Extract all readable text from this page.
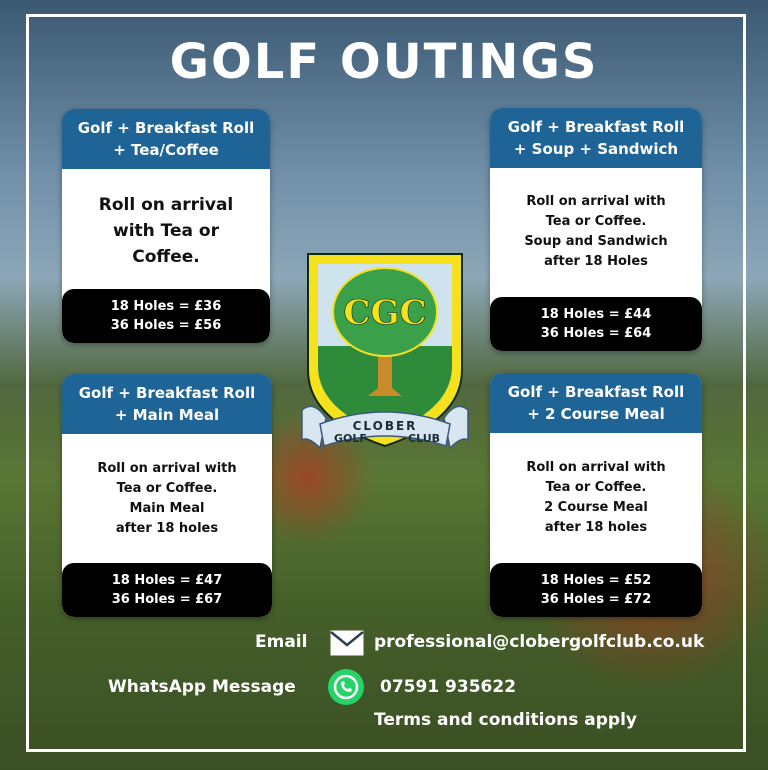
GOLF OUTINGS
Golf + Breakfast Roll
+ Tea/Coffee
Roll on arrival
with Tea or
Coffee.
18 Holes = £36
36 Holes = £56
Golf + Breakfast Roll
+ Soup + Sandwich
Roll on arrival with
Tea or Coffee.
Soup and Sandwich
after 18 Holes
18 Holes = £44
36 Holes = £64
Golf + Breakfast Roll
+ Main Meal
Roll on arrival with
Tea or Coffee.
Main Meal
after 18 holes
18 Holes = £47
36 Holes = £67
Golf + Breakfast Roll
+ 2 Course Meal
Roll on arrival with
Tea or Coffee.
2 Course Meal
after 18 holes
18 Holes = £52
36 Holes = £72
CGC
GOLF
CLOBER
CLUB
Email	professional@clobergolfclub.co.uk
WhatsApp Message	07591 935622
Terms and conditions apply
